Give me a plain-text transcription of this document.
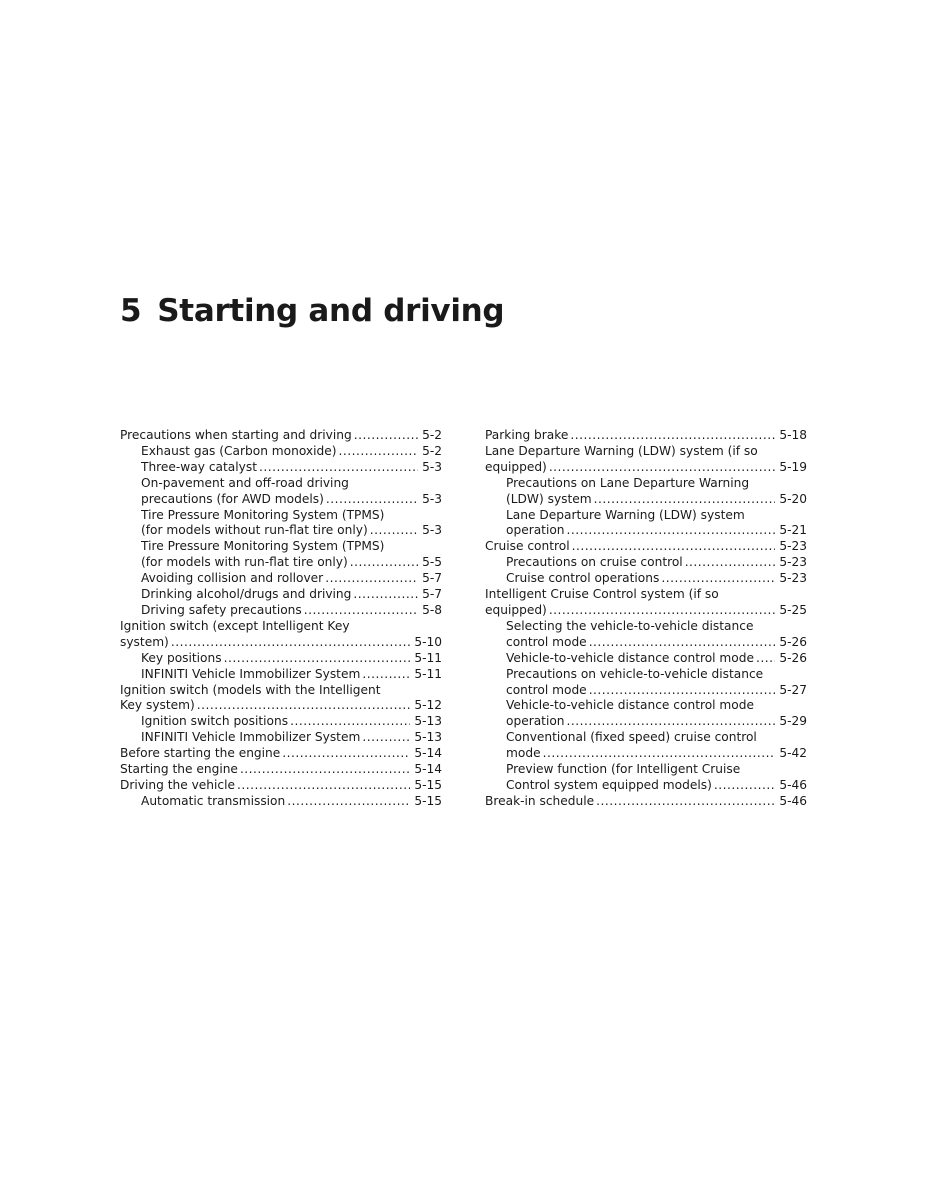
5 Starting and driving
Precautions when starting and driving .....	5-2
Exhaust gas (Carbon monoxide) .....	5-2
Three-way catalyst .....	5-3
On-pavement and off-road driving
precautions (for AWD models) .....	5-3
Tire Pressure Monitoring System (TPMS)
(for models without run-flat tire only) .....	5-3
Tire Pressure Monitoring System (TPMS)
(for models with run-flat tire only) .....	5-5
Avoiding collision and rollover .....	5-7
Drinking alcohol/drugs and driving .....	5-7
Driving safety precautions .....	5-8
Ignition switch (except Intelligent Key
system) .....	5-10
Key positions .....	5-11
INFINITI Vehicle Immobilizer System .....	5-11
Ignition switch (models with the Intelligent
Key system) .....	5-12
Ignition switch positions .....	5-13
INFINITI Vehicle Immobilizer System .....	5-13
Before starting the engine .....	5-14
Starting the engine .....	5-14
Driving the vehicle .....	5-15
Automatic transmission .....	5-15
Parking brake .....	5-18
Lane Departure Warning (LDW) system (if so
equipped) .....	5-19
Precautions on Lane Departure Warning
(LDW) system .....	5-20
Lane Departure Warning (LDW) system
operation .....	5-21
Cruise control .....	5-23
Precautions on cruise control .....	5-23
Cruise control operations .....	5-23
Intelligent Cruise Control system (if so
equipped) .....	5-25
Selecting the vehicle-to-vehicle distance
control mode .....	5-26
Vehicle-to-vehicle distance control mode ..... 5-26
Precautions on vehicle-to-vehicle distance
control mode .....	5-27
Vehicle-to-vehicle distance control mode
operation .....	5-29
Conventional (fixed speed) cruise control
mode .....	5-42
Preview function (for Intelligent Cruise
Control system equipped models) .....	5-46
Break-in schedule .....	5-46
